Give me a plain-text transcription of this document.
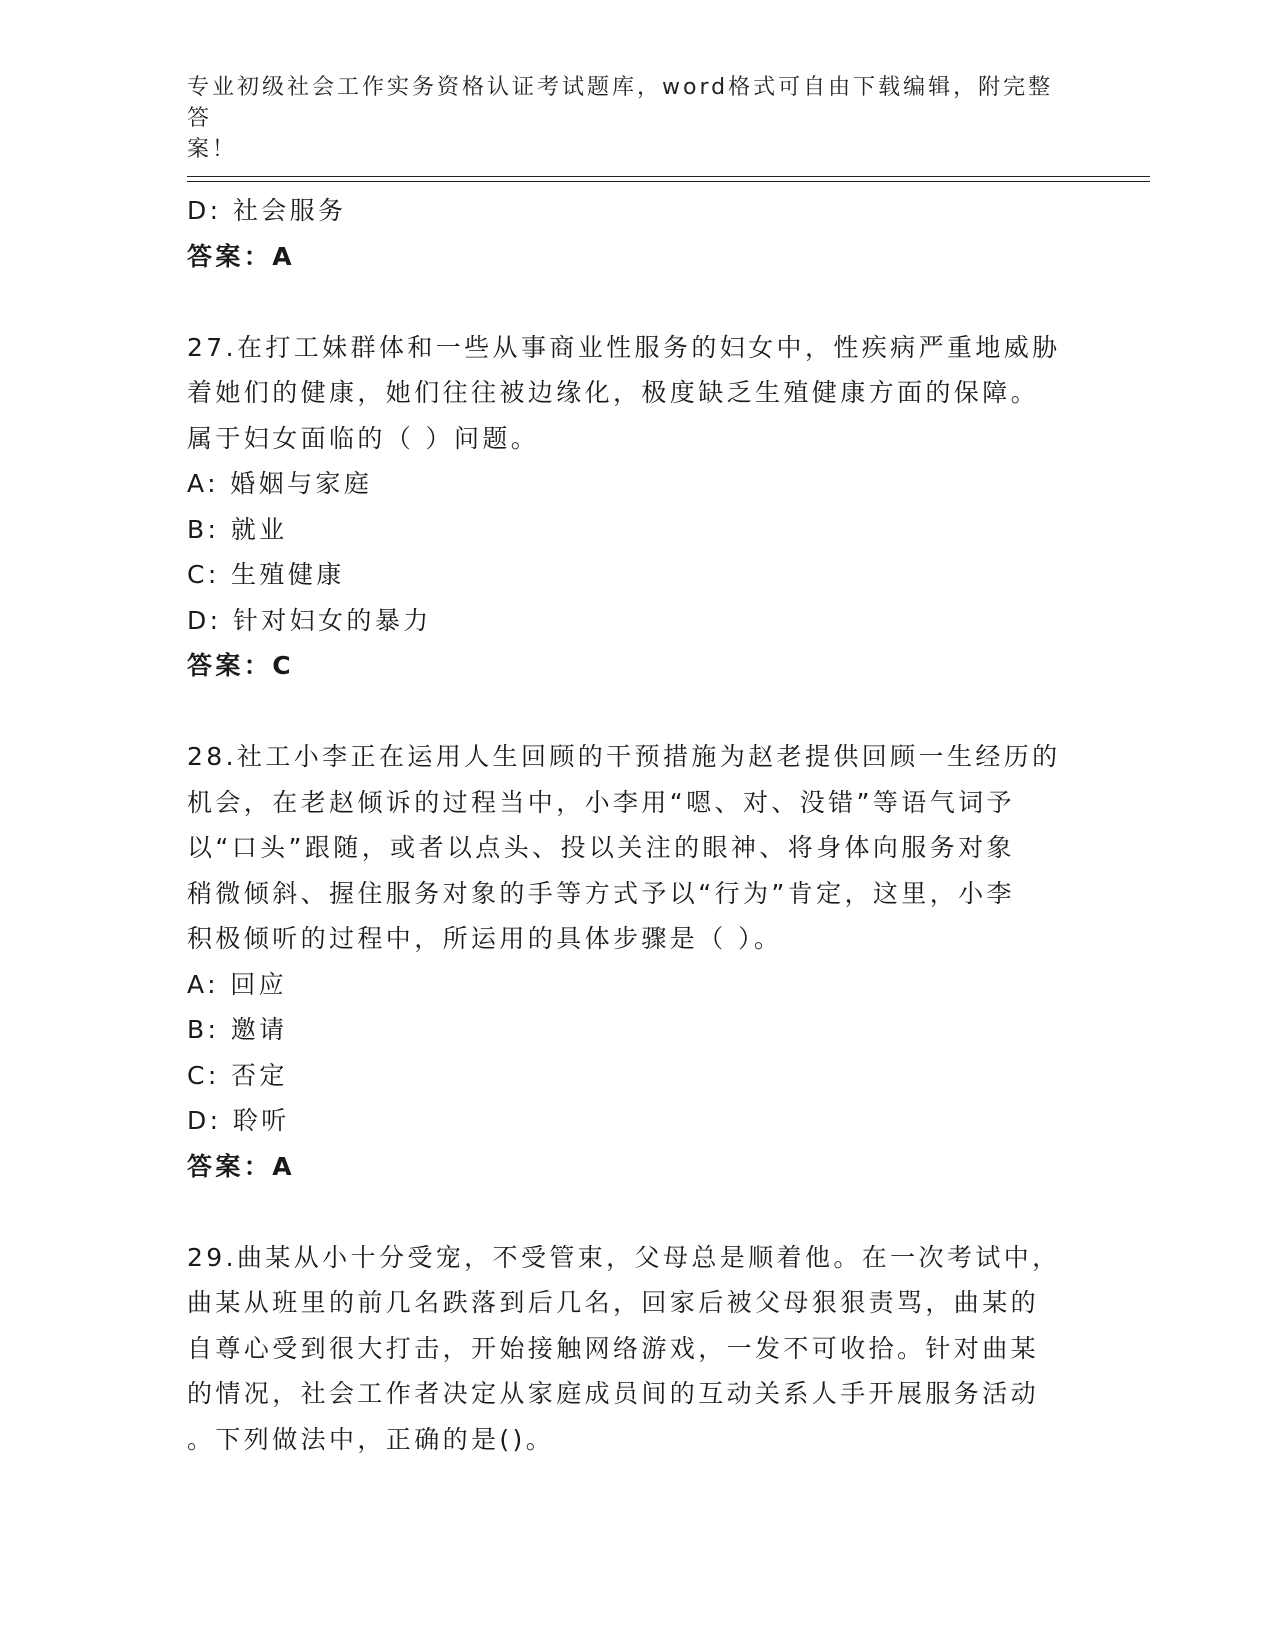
专业初级社会工作实务资格认证考试题库，word格式可自由下载编辑，附完整答
案！
D: 社会服务
答案：A
27.在打工妹群体和一些从事商业性服务的妇女中，性疾病严重地威胁
着她们的健康，她们往往被边缘化，极度缺乏生殖健康方面的保障。
属于妇女面临的（ ）问题。
A: 婚姻与家庭
B: 就业
C: 生殖健康
D: 针对妇女的暴力
答案：C
28.社工小李正在运用人生回顾的干预措施为赵老提供回顾一生经历的
机会，在老赵倾诉的过程当中，小李用“嗯、对、没错”等语气词予
以“口头”跟随，或者以点头、投以关注的眼神、将身体向服务对象
稍微倾斜、握住服务对象的手等方式予以“行为”肯定，这里，小李
积极倾听的过程中，所运用的具体步骤是（ ）。
A: 回应
B: 邀请
C: 否定
D: 聆听
答案：A
29.曲某从小十分受宠，不受管束，父母总是顺着他。在一次考试中，
曲某从班里的前几名跌落到后几名，回家后被父母狠狠责骂，曲某的
自尊心受到很大打击，开始接触网络游戏，一发不可收拾。针对曲某
的情况，社会工作者决定从家庭成员间的互动关系人手开展服务活动
。下列做法中，正确的是()。
